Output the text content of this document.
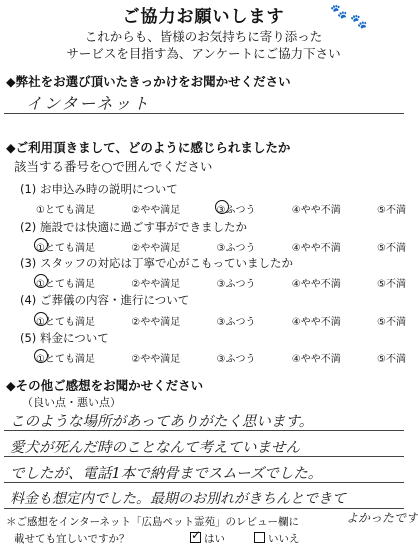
ご協力お願いします	🐾
🐾
これからも、皆様のお気持ちに寄り添った
サービスを目指す為、アンケートにご協力下さい
◆弊社をお選び頂いたきっかけをお聞かせください
インターネット
◆ご利用頂きまして、どのように感じられましたか
該当する番号を○で囲んでください
(1) お申込み時の説明について
①とても満足	②やや満足	③ふつう	④やや不満	⑤不満
(2) 施設では快適に過ごす事ができましたか
①とても満足	②やや満足	③ふつう	④やや不満	⑤不満
(3) スタッフの対応は丁寧で心がこもっていましたか
①とても満足	②やや満足	③ふつう	④やや不満	⑤不満
(4) ご葬儀の内容・進行について
①とても満足	②やや満足	③ふつう	④やや不満	⑤不満
(5) 料金について
①とても満足	②やや満足	③ふつう	④やや不満	⑤不満
◆その他ご感想をお聞かせください
（良い点・悪い点）
このような場所があってありがたく思います。
愛犬が死んだ時のことなんて考えていません
でしたが、電話1本で納骨までスムーズでした。
料金も想定内でした。最期のお別れがきちんとできて
＊ご感想をインターネット「広島ペット霊苑」のレビュー欄に	よかったです
載せても宜しいですか？
✓	はい	いいえ
